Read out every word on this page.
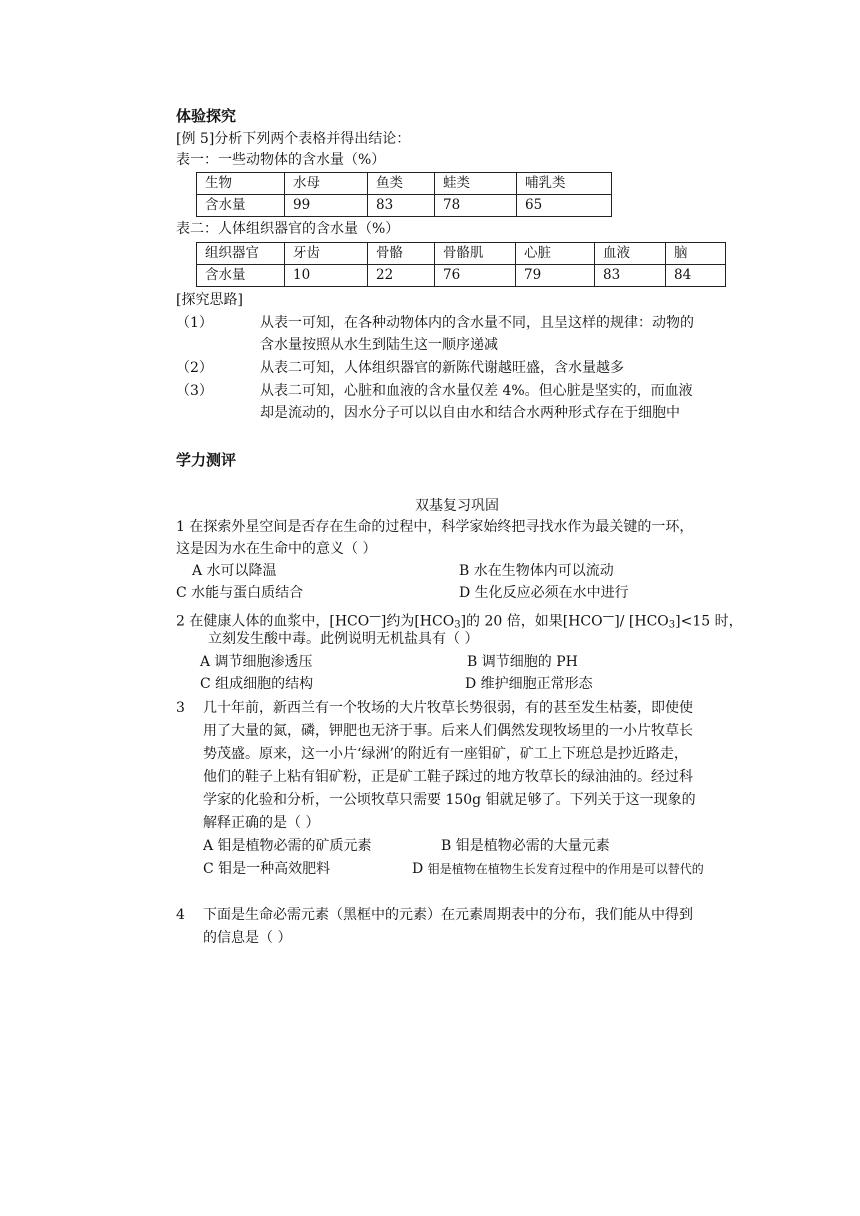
体验探究
[例 5]分析下列两个表格并得出结论：
表一：一些动物体的含水量（%）
生物	水母	鱼类	蛙类	哺乳类
含水量	99	83	78	65
表二：人体组织器官的含水量（%）
组织器官	牙齿	骨骼	骨骼肌	心脏	血液	脑
含水量	10	22	76	79	83	84
[探究思路]
（1）	从表一可知，在各种动物体内的含水量不同，且呈这样的规律：动物的
含水量按照从水生到陆生这一顺序递减
（2）	从表二可知，人体组织器官的新陈代谢越旺盛，含水量越多
（3）	从表二可知，心脏和血液的含水量仅差 4%。但心脏是坚实的，而血液
却是流动的，因水分子可以以自由水和结合水两种形式存在于细胞中
学力测评
双基复习巩固
1 在探索外星空间是否存在生命的过程中，科学家始终把寻找水作为最关键的一环，
这是因为水在生命中的意义（ ）
A 水可以降温	B 水在生物体内可以流动
C 水能与蛋白质结合	D 生化反应必须在水中进行
2 在健康人体的血浆中，[HCO—]约为$[HCO_3]$的 20 倍，如果[HCO—]/ $[HCO_3]<15$ 时，
立刻发生酸中毒。此例说明无机盐具有（ ）
A 调节细胞渗透压	B 调节细胞的 PH
C 组成细胞的结构	D 维护细胞正常形态
3 几十年前，新西兰有一个牧场的大片牧草长势很弱，有的甚至发生枯萎，即使使
用了大量的氮，磷，钾肥也无济于事。后来人们偶然发现牧场里的一小片牧草长
势茂盛。原来，这一小片‘绿洲’的附近有一座钼矿，矿工上下班总是抄近路走，
他们的鞋子上粘有钼矿粉，正是矿工鞋子踩过的地方牧草长的绿油油的。经过科
学家的化验和分析，一公顷牧草只需要 150g 钼就足够了。下列关于这一现象的
解释正确的是（ ）
A 钼是植物必需的矿质元素	B 钼是植物必需的大量元素
C 钼是一种高效肥料	D 钼是植物在植物生长发育过程中的作用是可以替代的
4 下面是生命必需元素（黑框中的元素）在元素周期表中的分布，我们能从中得到
的信息是（ ）
